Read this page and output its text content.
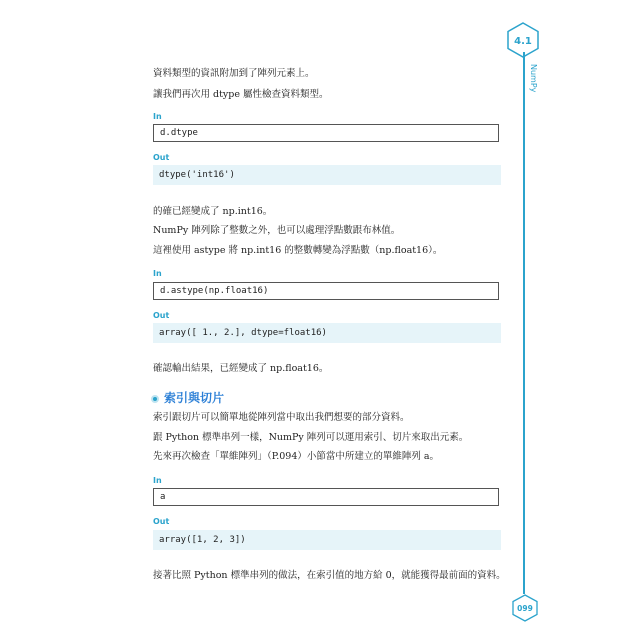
4.1
NumPy
資料類型的資訊附加到了陣列元素上。
讓我們再次用 dtype 屬性檢查資料類型。
In
d.dtype
Out
dtype('int16')
的確已經變成了 np.int16。
NumPy 陣列除了整數之外，也可以處理浮點數跟布林值。
這裡使用 astype 將 np.int16 的整數轉變為浮點數（np.float16）。
In
d.astype(np.float16)
Out
array([ 1., 2.], dtype=float16)
確認輸出結果，已經變成了 np.float16。
索引與切片
索引跟切片可以簡單地從陣列當中取出我們想要的部分資料。
跟 Python 標準串列一樣，NumPy 陣列可以運用索引、切片來取出元素。
先來再次檢查「單維陣列」（P.094）小節當中所建立的單維陣列 a。
In
a
Out
array([1, 2, 3])
接著比照 Python 標準串列的做法，在索引值的地方給 0，就能獲得最前面的資料。
099
